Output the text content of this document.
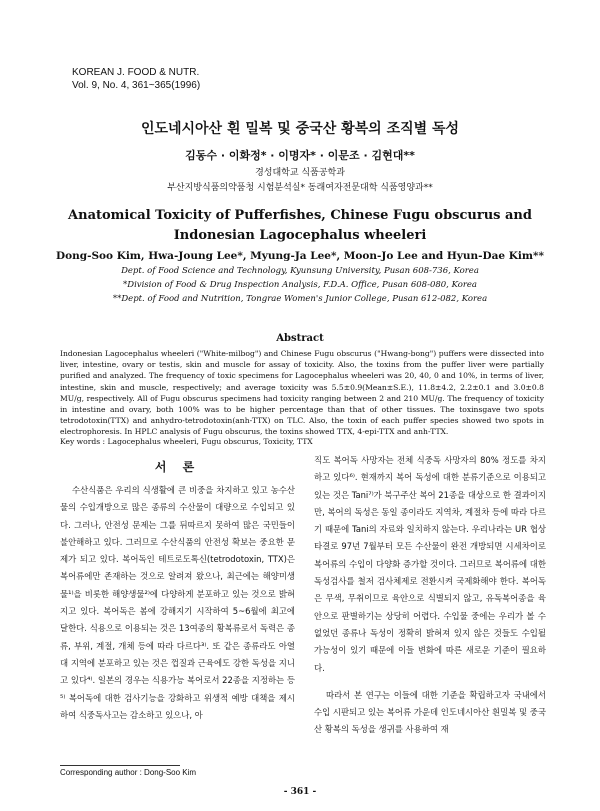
KOREAN J. FOOD & NUTR.
Vol. 9, No. 4, 361~365(1996)
인도네시아산 흰 밀복 및 중국산 황복의 조직별 독성
김동수 · 이화정* · 이명자* · 이문조 · 김현대**
경성대학교 식품공학과
부산지방식품의약품청 시험분석실* 동래여자전문대학 식품영양과**
Anatomical Toxicity of Pufferfishes, Chinese Fugu obscurus and
Indonesian Lagocephalus wheeleri
Dong-Soo Kim, Hwa-Joung Lee*, Myung-Ja Lee*, Moon-Jo Lee and Hyun-Dae Kim**
Dept. of Food Science and Technology, Kyunsung University, Pusan 608-736, Korea
*Division of Food & Drug Inspection Analysis, F.D.A. Office, Pusan 608-080, Korea
**Dept. of Food and Nutrition, Tongrae Women's Junior College, Pusan 612-082, Korea
Abstract
Indonesian Lagocephalus wheeleri ("White-milbog") and Chinese Fugu obscurus ("Hwang-bong") puffers were dissected into liver, intestine, ovary or testis, skin and muscle for assay of toxicity. Also, the toxins from the puffer liver were partially purified and analyzed. The frequency of toxic specimens for Lagocephalus wheeleri was 20, 40, 0 and 10%, in terms of liver, intestine, skin and muscle, respectively; and average toxicity was 5.5±0.9(Mean±S.E.), 11.8±4.2, 2.2±0.1 and 3.0±0.8 MU/g, respectively. All of Fugu obscurus specimens had toxicity ranging between 2 and 210 MU/g. The frequency of toxicity in intestine and ovary, both 100% was to be higher percentage than that of other tissues. The toxinsgave two spots tetrodotoxin(TTX) and anhydro-tetrodotoxin(anh-TTX) on TLC. Also, the toxin of each puffer species showed two spots in electrophoresis. In HPLC analysis of Fugu obscurus, the toxins showed TTX, 4-epi-TTX and anh-TTX.
Key words : Lagocephalus wheeleri, Fugu obscurus, Toxicity, TTX
서 론

수산식품은 우리의 식생활에 큰 비중을 차지하고 있고 농수산물의 수입개방으로 많은 종류의 수산물이 대량으로 수입되고 있다. 그러나, 안전성 문제는 그를 뒤따르지 못하여 많은 국민들이 불안해하고 있다. 그러므로 수산식품의 안전성 확보는 중요한 문제가 되고 있다. 복어독인 테트로도톡신(tetrodotoxin, TTX)은 복어류에만 존재하는 것으로 알려져 왔으나, 최근에는 해양미생물¹⁾을 비롯한 해양생물²⁾에 다양하게 분포하고 있는 것으로 밝혀지고 있다. 복어독은 봄에 강해지기 시작하여 5~6월에 최고에 달한다. 식용으로 이용되는 것은 13여종의 황복류로서 독력은 종류, 부위, 계절, 개체 등에 따라 다르다³⁾. 또 같은 종류라도 아열대 지역에 분포하고 있는 것은 껍질과 근육에도 강한 독성을 지니고 있다⁴⁾. 일본의 경우는 식용가능 복어로서 22종을 지정하는 등⁵⁾ 복어독에 대한 검사기능을 강화하고 위생적 예방 대책을 제시하여 식중독사고는 감소하고 있으나, 아

직도 복어독 사망자는 전체 식중독 사망자의 80% 정도를 차지하고 있다⁶⁾. 현재까지 복어 독성에 대한 분류기준으로 이용되고 있는 것은 Tani⁷⁾가 북구주산 복어 21종을 대상으로 한 결과이지만, 복어의 독성은 동일 종이라도 지역차, 계절차 등에 따라 다르기 때문에 Tani의 자료와 일치하지 않는다. 우리나라는 UR 협상타결로 97년 7월부터 모든 수산물이 완전 개방되면 시세차이로 복어류의 수입이 다양화 증가할 것이다. 그러므로 복어류에 대한 독성검사를 철저 검사체제로 전환시켜 국제화해야 한다. 복어독은 무색, 무취이므로 육안으로 식별되지 않고, 유독복어종을 육안으로 판별하기는 상당히 어렵다. 수입물 중에는 우리가 볼 수 없었던 종류나 독성이 정확히 밝혀져 있지 않은 것들도 수입될 가능성이 있기 때문에 이들 변화에 따른 새로운 기준이 필요하다.

따라서 본 연구는 이들에 대한 기준을 확립하고자 국내에서 수입 시판되고 있는 복어류 가운데 인도네시아산 흰밀복 및 중국산 황복의 독성을 생귀를 사용하여 재

Corresponding author : Dong-Soo Kim
- 361 -
